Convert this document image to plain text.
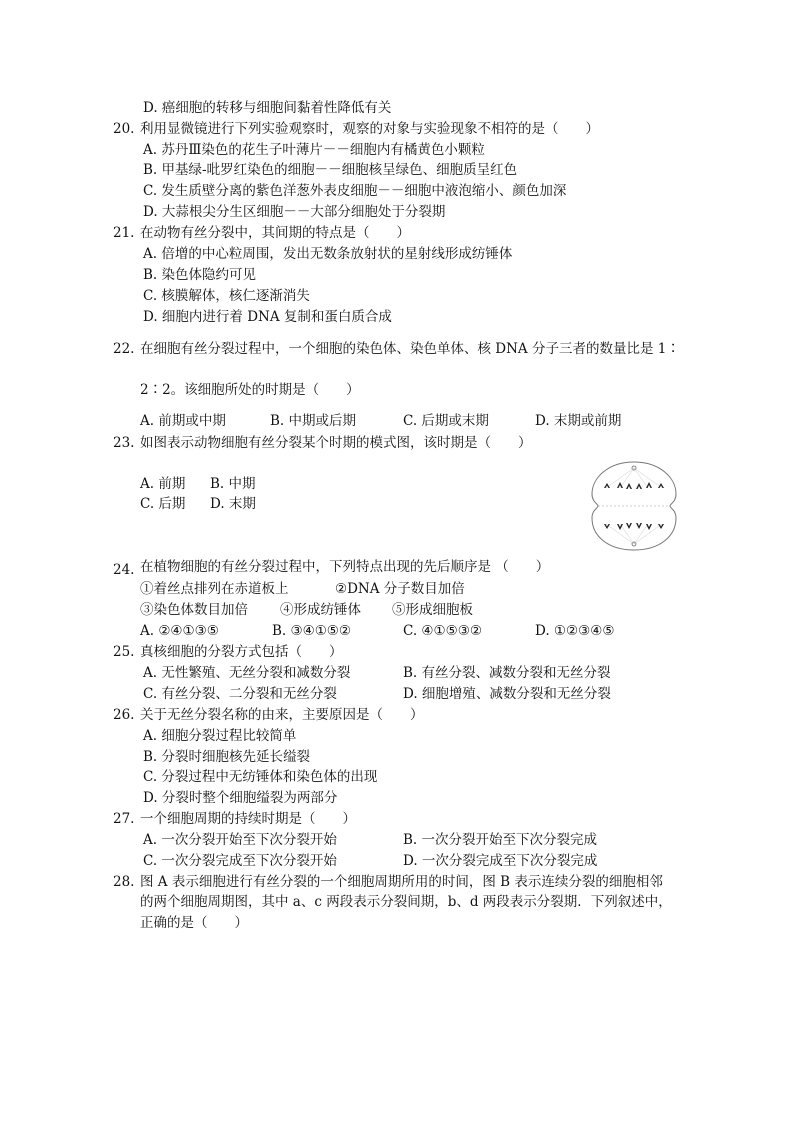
D. 癌细胞的转移与细胞间黏着性降低有关
20. 利用显微镜进行下列实验观察时，观察的对象与实验现象不相符的是（　　）
A. 苏丹Ⅲ染色的花生子叶薄片－－细胞内有橘黄色小颗粒
B. 甲基绿-吡罗红染色的细胞－－细胞核呈绿色、细胞质呈红色
C. 发生质壁分离的紫色洋葱外表皮细胞－－细胞中液泡缩小、颜色加深
D. 大蒜根尖分生区细胞－－大部分细胞处于分裂期
21. 在动物有丝分裂中，其间期的特点是（　　）
A. 倍增的中心粒周围，发出无数条放射状的星射线形成纺锤体
B. 染色体隐约可见
C. 核膜解体，核仁逐渐消失
D. 细胞内进行着 DNA 复制和蛋白质合成
22. 在细胞有丝分裂过程中，一个细胞的染色体、染色单体、核 DNA 分子三者的数量比是 1∶
2∶2。该细胞所处的时期是（　　）
A. 前期或中期	B. 中期或后期	C. 后期或末期	D. 末期或前期
23. 如图表示动物细胞有丝分裂某个时期的模式图，该时期是（　　）
A. 前期 B. 中期
C. 后期 D. 末期
24. 在植物细胞的有丝分裂过程中，下列特点出现的先后顺序是 （　　）
①着丝点排列在赤道板上	②DNA 分子数目加倍
③染色体数目加倍 ④形成纺锤体 ⑤形成细胞板
A. ②④①③⑤	B. ③④①⑤②	C. ④①⑤③②	D. ①②③④⑤
25. 真核细胞的分裂方式包括（　　）
A. 无性繁殖、无丝分裂和减数分裂	B. 有丝分裂、减数分裂和无丝分裂
C. 有丝分裂、二分裂和无丝分裂	D. 细胞增殖、减数分裂和无丝分裂
26. 关于无丝分裂名称的由来，主要原因是（　　）
A. 细胞分裂过程比较简单
B. 分裂时细胞核先延长缢裂
C. 分裂过程中无纺锤体和染色体的出现
D. 分裂时整个细胞缢裂为两部分
27. 一个细胞周期的持续时期是（　　）
A. 一次分裂开始至下次分裂开始	B. 一次分裂开始至下次分裂完成
C. 一次分裂完成至下次分裂开始	D. 一次分裂完成至下次分裂完成
28. 图 A 表示细胞进行有丝分裂的一个细胞周期所用的时间，图 B 表示连续分裂的细胞相邻
的两个细胞周期图，其中 a、c 两段表示分裂间期，b、d 两段表示分裂期．下列叙述中，
正确的是（　　）
